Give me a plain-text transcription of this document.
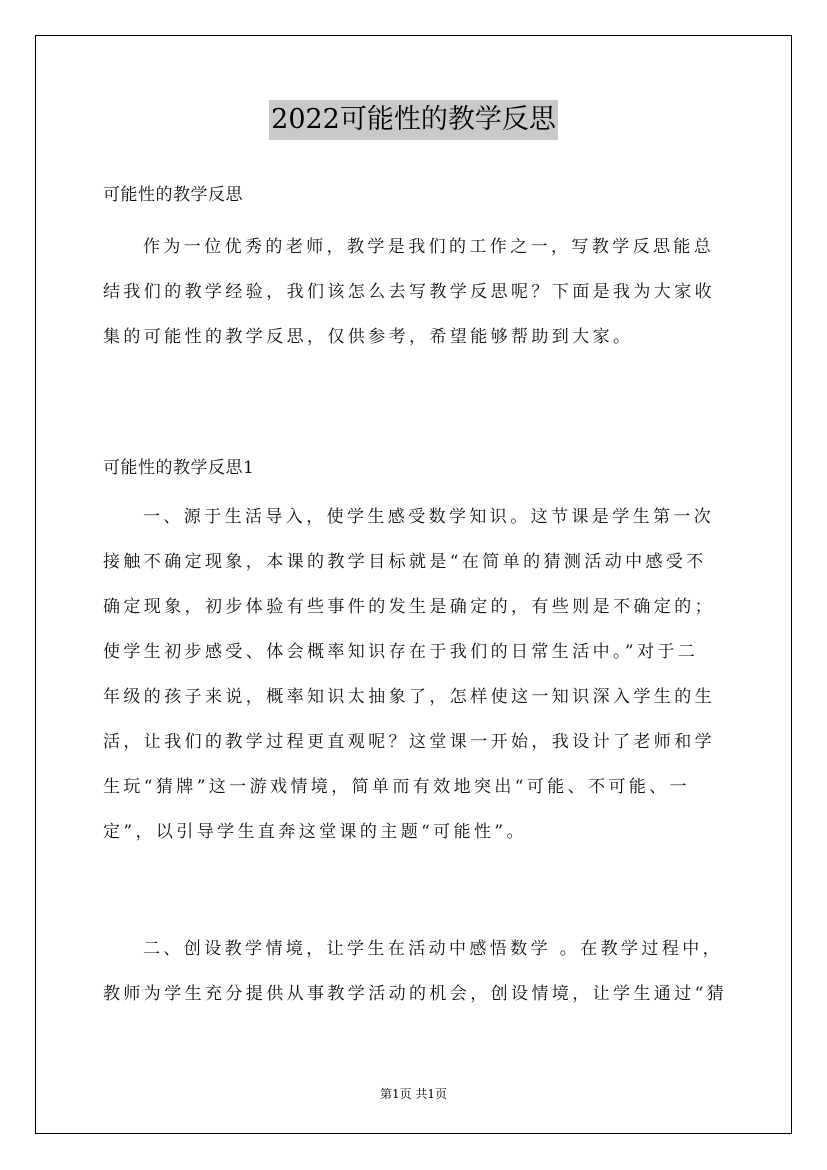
2022可能性的教学反思
可能性的教学反思
作为一位优秀的老师，教学是我们的工作之一，写教学反思能总
结我们的教学经验，我们该怎么去写教学反思呢？下面是我为大家收
集的可能性的教学反思，仅供参考，希望能够帮助到大家。
可能性的教学反思1
一、源于生活导入，使学生感受数学知识。这节课是学生第一次
接触不确定现象，本课的教学目标就是“在简单的猜测活动中感受不
确定现象，初步体验有些事件的发生是确定的，有些则是不确定的；
使学生初步感受、体会概率知识存在于我们的日常生活中。”对于二
年级的孩子来说，概率知识太抽象了，怎样使这一知识深入学生的生
活，让我们的教学过程更直观呢？这堂课一开始，我设计了老师和学
生玩“猜牌”这一游戏情境，简单而有效地突出“可能、不可能、一
定”，以引导学生直奔这堂课的主题“可能性”。
二、创设教学情境，让学生在活动中感悟数学 。在教学过程中，
教师为学生充分提供从事教学活动的机会，创设情境，让学生通过“猜
第1页 共1页
